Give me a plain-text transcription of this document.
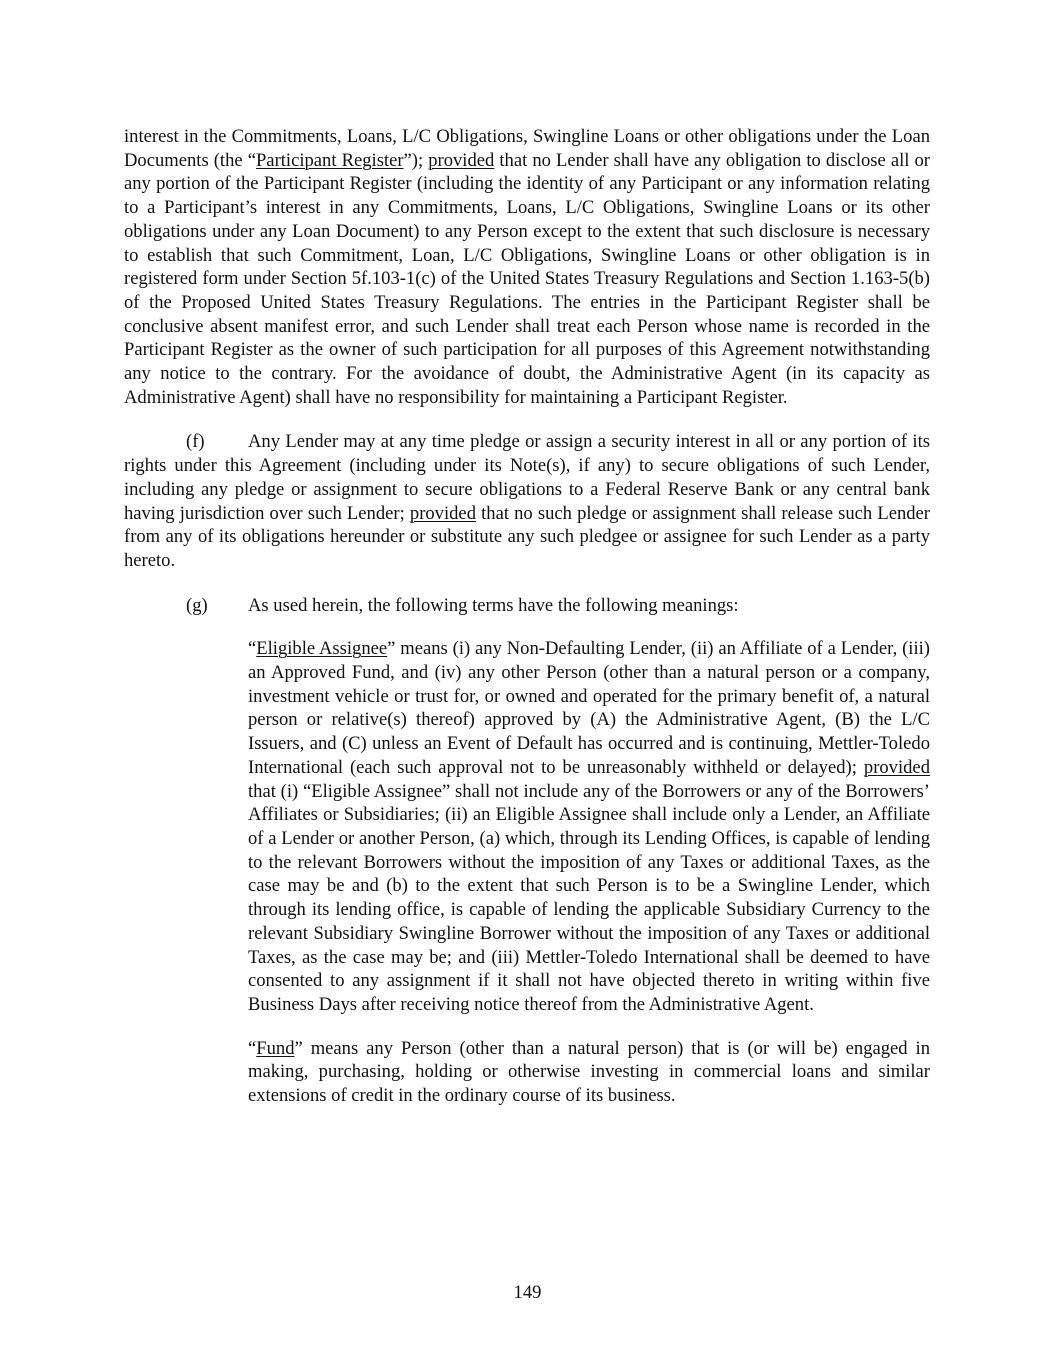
interest in the Commitments, Loans, L/C Obligations, Swingline Loans or other obligations under the Loan Documents (the “Participant Register”); provided that no Lender shall have any obligation to disclose all or any portion of the Participant Register (including the identity of any Participant or any information relating to a Participant’s interest in any Commitments, Loans, L/C Obligations, Swingline Loans or its other obligations under any Loan Document) to any Person except to the extent that such disclosure is necessary to establish that such Commitment, Loan, L/C Obligations, Swingline Loans or other obligation is in registered form under Section 5f.103-1(c) of the United States Treasury Regulations and Section 1.163-5(b) of the Proposed United States Treasury Regulations. The entries in the Participant Register shall be conclusive absent manifest error, and such Lender shall treat each Person whose name is recorded in the Participant Register as the owner of such participation for all purposes of this Agreement notwithstanding any notice to the contrary. For the avoidance of doubt, the Administrative Agent (in its capacity as Administrative Agent) shall have no responsibility for maintaining a Participant Register.

(f) Any Lender may at any time pledge or assign a security interest in all or any portion of its rights under this Agreement (including under its Note(s), if any) to secure obligations of such Lender, including any pledge or assignment to secure obligations to a Federal Reserve Bank or any central bank having jurisdiction over such Lender; provided that no such pledge or assignment shall release such Lender from any of its obligations hereunder or substitute any such pledgee or assignee for such Lender as a party hereto.

(g) As used herein, the following terms have the following meanings:

“Eligible Assignee” means (i) any Non-Defaulting Lender, (ii) an Affiliate of a Lender, (iii) an Approved Fund, and (iv) any other Person (other than a natural person or a company, investment vehicle or trust for, or owned and operated for the primary benefit of, a natural person or relative(s) thereof) approved by (A) the Administrative Agent, (B) the L/C Issuers, and (C) unless an Event of Default has occurred and is continuing, Mettler-Toledo International (each such approval not to be unreasonably withheld or delayed); provided that (i) “Eligible Assignee” shall not include any of the Borrowers or any of the Borrowers’ Affiliates or Subsidiaries; (ii) an Eligible Assignee shall include only a Lender, an Affiliate of a Lender or another Person, (a) which, through its Lending Offices, is capable of lending to the relevant Borrowers without the imposition of any Taxes or additional Taxes, as the case may be and (b) to the extent that such Person is to be a Swingline Lender, which through its lending office, is capable of lending the applicable Subsidiary Currency to the relevant Subsidiary Swingline Borrower without the imposition of any Taxes or additional Taxes, as the case may be; and (iii) Mettler-Toledo International shall be deemed to have consented to any assignment if it shall not have objected thereto in writing within five Business Days after receiving notice thereof from the Administrative Agent.

“Fund” means any Person (other than a natural person) that is (or will be) engaged in making, purchasing, holding or otherwise investing in commercial loans and similar extensions of credit in the ordinary course of its business.

149
